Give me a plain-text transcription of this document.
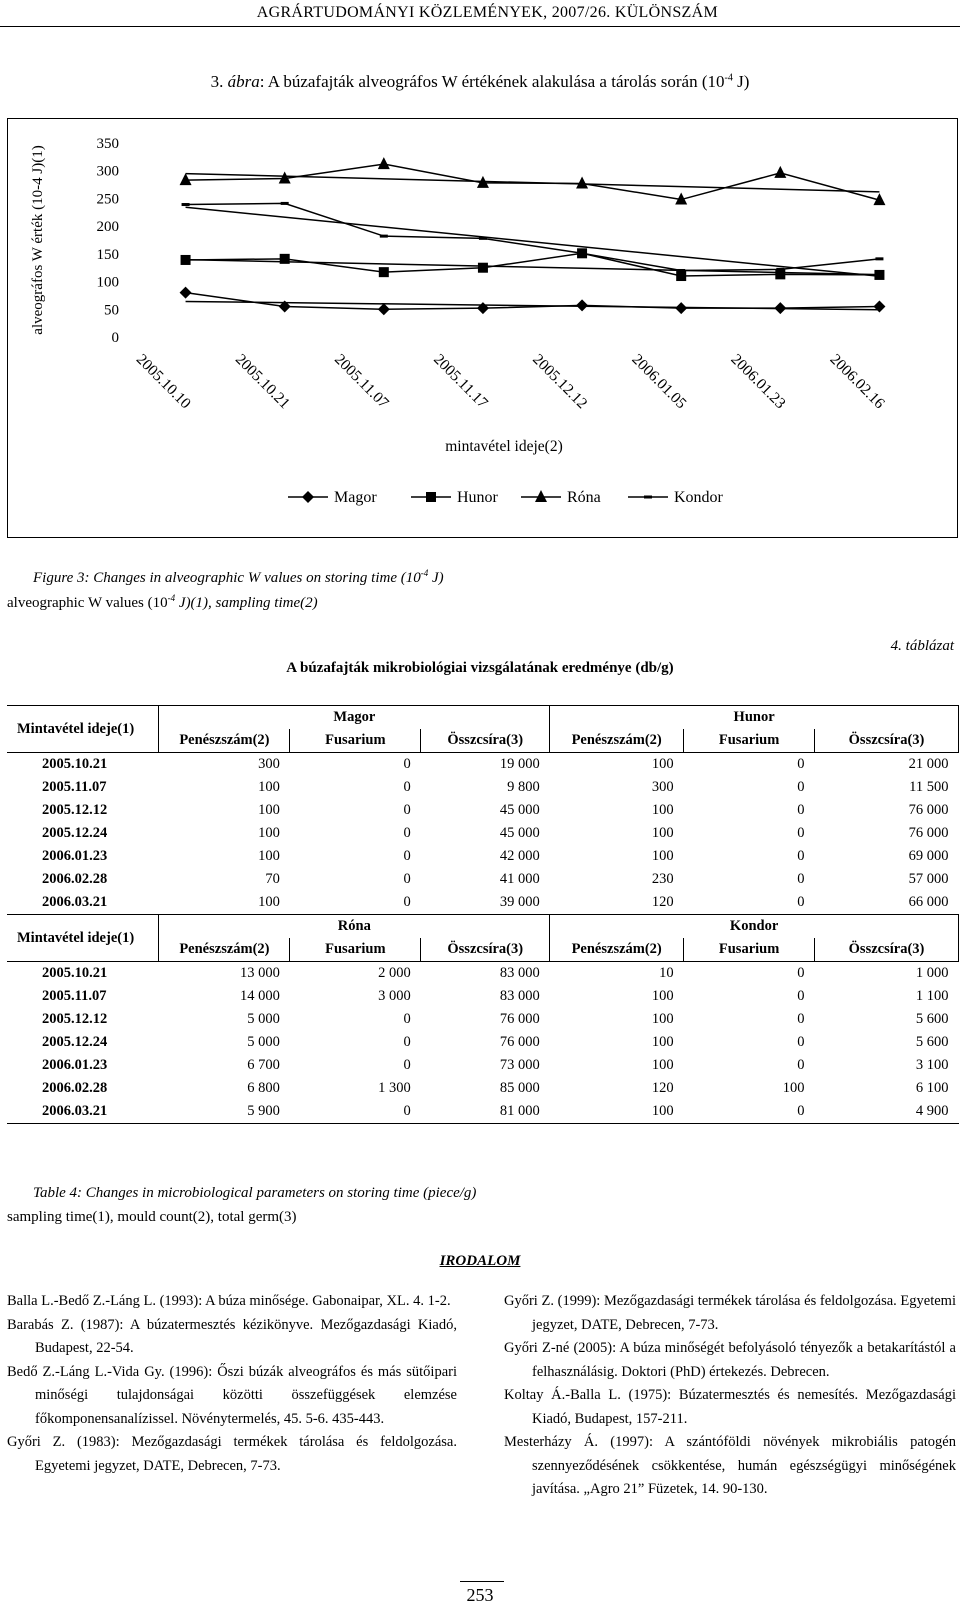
AGRÁRTUDOMÁNYI KÖZLEMÉNYEK, 2007/26. KÜLÖNSZÁM
3. ábra: A búzafajták alveográfos W értékének alakulása a tárolás során ($10^{-4}$ J)
0
50
100
150
200
250
300
350
alveográfos W érték (10-4 J)(1)
2005.10.10 2005.10.21 2005.11.07 2005.11.17 2005.12.12 2006.01.05 2006.01.23 2006.02.16
mintavétel ideje(2)
Magor	Hunor	Róna	Kondor
Figure 3: Changes in alveographic W values on storing time ($10^{-4}$ J)
alveographic W values ($10^{-4}$ J)(1), sampling time(2)
4. táblázat
A búzafajták mikrobiológiai vizsgálatának eredménye (db/g)
Mintavétel ideje(1)	Magor			Hunor		
	Penészszám(2)	Fusarium	Összcsíra(3)	Penészszám(2)	Fusarium	Összcsíra(3)
2005.10.21	300	0	19 000	100	0	21 000
2005.11.07	100	0	9 800	300	0	11 500
2005.12.12	100	0	45 000	100	0	76 000
2005.12.24	100	0	45 000	100	0	76 000
2006.01.23	100	0	42 000	100	0	69 000
2006.02.28	70	0	41 000	230	0	57 000
2006.03.21	100	0	39 000	120	0	66 000
Mintavétel ideje(1)	Róna			Kondor		
	Penészszám(2)	Fusarium	Összcsíra(3)	Penészszám(2)	Fusarium	Összcsíra(3)
2005.10.21	13 000	2 000	83 000	10	0	1 000
2005.11.07	14 000	3 000	83 000	100	0	1 100
2005.12.12	5 000	0	76 000	100	0	5 600
2005.12.24	5 000	0	76 000	100	0	5 600
2006.01.23	6 700	0	73 000	100	0	3 100
2006.02.28	6 800	1 300	85 000	120	100	6 100
2006.03.21	5 900	0	81 000	100	0	4 900
Table 4: Changes in microbiological parameters on storing time (piece/g)
sampling time(1), mould count(2), total germ(3)
IRODALOM

Balla L.-Bedő Z.-Láng L. (1993): A búza minősége. Gabonaipar, XL. 4. 1-2.

Barabás Z. (1987): A búzatermesztés kézikönyve. Mezőgazdasági Kiadó, Budapest, 22-54.

Bedő Z.-Láng L.-Vida Gy. (1996): Őszi búzák alveográfos és más sütőipari minőségi tulajdonságai közötti összefüggések elemzése főkomponensanalízissel. Növénytermelés, 45. 5-6. 435-443.

Győri Z. (1983): Mezőgazdasági termékek tárolása és feldolgozása. Egyetemi jegyzet, DATE, Debrecen, 7-73.

Győri Z. (1999): Mezőgazdasági termékek tárolása és feldolgozása. Egyetemi jegyzet, DATE, Debrecen, 7-73.

Győri Z-né (2005): A búza minőségét befolyásoló tényezők a betakarítástól a felhasználásig. Doktori (PhD) értekezés. Debrecen.

Koltay Á.-Balla L. (1975): Búzatermesztés és nemesítés. Mezőgazdasági Kiadó, Budapest, 157-211.

Mesterházy Á. (1997): A szántóföldi növények mikrobiális patogén szennyeződésének csökkentése, humán egészségügyi minőségének javítása. „Agro 21” Füzetek, 14. 90-130.

253
